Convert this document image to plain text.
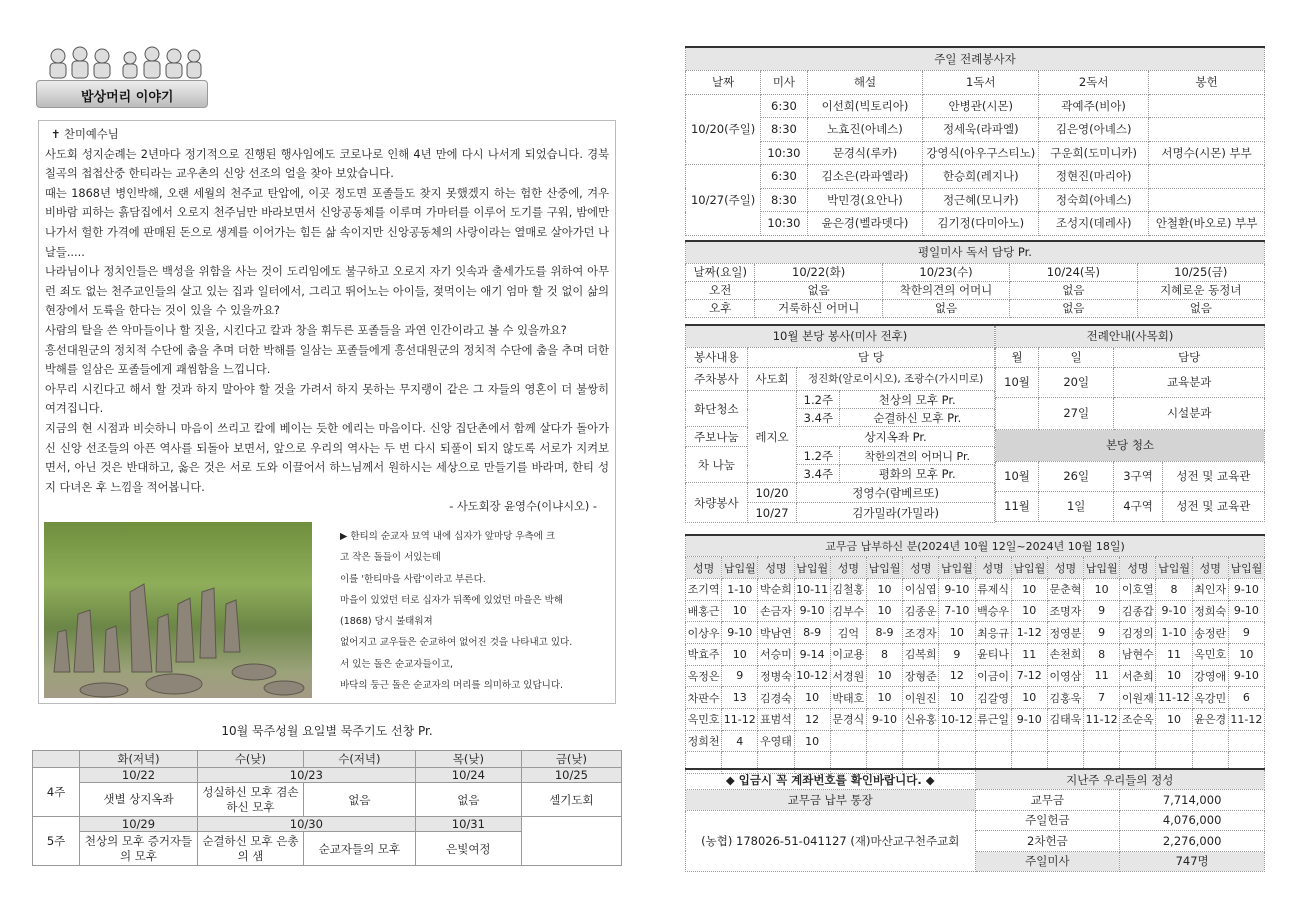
밥상머리 이야기

✝ 찬미예수님

사도회 성지순례는 2년마다 정기적으로 진행된 행사임에도 코로나로 인해 4년 만에 다시 나서게 되었습니다. 경북 칠곡의 첩첩산중 한티라는 교우촌의 신앙 선조의 얼을 찾아 보았습니다.

때는 1868년 병인박해, 오랜 세월의 천주교 탄압에, 이곳 정도면 포졸들도 찾지 못했겠지 하는 험한 산중에, 겨우 비바람 피하는 흙담집에서 오로지 천주님만 바라보면서 신앙공동체를 이루며 가마터를 이루어 도기를 구워, 밤에만 나가서 헐한 가격에 판매된 돈으로 생계를 이어가는 힘든 삶 속이지만 신앙공동체의 사랑이라는 열매로 살아가던 나날들.....

나라님이나 정치인들은 백성을 위함을 사는 것이 도리임에도 불구하고 오로지 자기 잇속과 출세가도를 위하여 아무런 죄도 없는 천주교인들의 살고 있는 집과 일터에서, 그리고 뛰어노는 아이들, 젖먹이는 애기 엄마 할 것 없이 삶의 현장에서 도륙을 한다는 것이 있을 수 있을까요?

사람의 탈을 쓴 악마들이나 할 짓을, 시킨다고 칼과 창을 휘두른 포졸들을 과연 인간이라고 볼 수 있을까요?

흥선대원군의 정치적 수단에 춤을 추며 더한 박해를 일삼는 포졸들에게 흥선대원군의 정치적 수단에 춤을 추며 더한 박해를 일삼은 포졸들에게 괘씸함을 느낍니다.

아무리 시킨다고 해서 할 것과 하지 말아야 할 것을 가려서 하지 못하는 무지랭이 같은 그 자들의 영혼이 더 불쌍히 여겨집니다.

지금의 현 시점과 비슷하니 마음이 쓰리고 칼에 베이는 듯한 에리는 마음이다. 신앙 집단촌에서 함께 살다가 돌아가신 신앙 선조들의 아픈 역사를 되돌아 보면서, 앞으로 우리의 역사는 두 번 다시 되풀이 되지 않도록 서로가 지켜보면서, 아닌 것은 반대하고, 옳은 것은 서로 도와 이끌어서 하느님께서 원하시는 세상으로 만들기를 바라며, 한티 성지 다녀온 후 느낌을 적어봅니다.

- 사도회장 윤영수(이냐시오) -

▶ 한티의 순교자 묘역 내에 십자가 앞마당 우측에 크
고 작은 돌들이 서있는데
이를 '한티마을 사람'이라고 부른다.
마을이 있었던 터로 십자가 뒤쪽에 있었던 마을은 박해
(1868) 당시 불태워져
없어지고 교우들은 순교하여 없어진 것을 나타내고 있다.
서 있는 돌은 순교자들이고,
바닥의 둥근 돌은 순교자의 머리를 의미하고 있답니다.
10월 묵주성월 요일별 묵주기도 선창 Pr.
	화(저녁)	수(낮)	수(저녁)	목(낮)	금(낮)
4주	10/22	10/23		10/24	10/25
	샛별 상지옥좌	성실하신 모후 겸손하신 모후	없음	없음	셀기도회
5주	10/29	10/30		10/31	
	천상의 모후 증거자들의 모후	순결하신 모후 은총의 샘	순교자들의 모후	은빛여정	
주일 전례봉사자					
날짜	미사	해설	1독서	2독서	봉헌
10/20(주일)	6:30	이선희(빅토리아)	안병관(시몬)	곽예주(비아)	
	8:30	노효진(아녜스)	정세욱(라파엘)	김은영(아녜스)	
	10:30	문경식(루카)	강영식(아우구스티노)	구운희(도미니카)	서명수(시몬) 부부
10/27(주일)	6:30	김소은(라파엘라)	한승희(레지나)	정현진(마리아)	
	8:30	박민경(요안나)	정근혜(모니카)	정숙희(아녜스)	
	10:30	윤은경(벨라뎃다)	김기정(다미아노)	조성지(데레사)	안철환(바오로) 부부
평일미사 독서 담당 Pr.				
날짜(요일)	10/22(화)	10/23(수)	10/24(목)	10/25(금)
오전	없음	착한의견의 어머니	없음	지혜로운 동정녀
오후	거룩하신 어머니	없음	없음	없음
10월 본당 봉사(미사 전후)			
봉사내용	담 당		
주차봉사	사도회	정진화(알로이시오), 조광수(가시미로)	
화단청소	레지오	1.2주	천상의 모후 Pr.
		3.4주	순결하신 모후 Pr.
주보나눔		상지옥좌 Pr.	
차 나눔		1.2주	착한의견의 어머니 Pr.
		3.4주	평화의 모후 Pr.
차량봉사	10/20	정영수(람베르또)	
	10/27	김가밀라(가밀라)	
전례안내(사목회)			
월	일	담당	
10월	20일	교육분과	
	27일	시설분과	
본당 청소			
10월	26일	3구역	성전 및 교육관
11월	1일	4구역	성전 및 교육관
교무금 납부하신 분(2024년 10월 12일~2024년 10월 18일)															
성명	납입월	성명	납입월	성명	납입월	성명	납입월	성명	납입월	성명	납입월	성명	납입월	성명	납입월
조기역	1-10	박순희	10-11	김철홍	10	이심엽	9-10	류제식	10	문춘혁	10	이호열	8	최인자	9-10
배홍근	10	손금자	9-10	김부수	10	김종운	7-10	백승우	10	조명자	9	김종갑	9-10	정희숙	9-10
이상우	9-10	박남연	8-9	김억	8-9	조경자	10	최응규	1-12	정영분	9	김정의	1-10	송정란	9
박효주	10	서승미	9-14	이교용	8	김복희	9	윤티나	11	손천희	8	남현수	11	옥민호	10
옥정은	9	정병숙	10-12	서경원	10	장형준	12	이금이	7-12	이영삼	11	서춘희	10	강영애	9-10
차판수	13	김경숙	10	박태호	10	이원진	10	김갈영	10	김홍욱	7	이원재	11-12	옥강민	6
옥민호	11-12	표범석	12	문경식	9-10	신유홍	10-12	류근일	9-10	김태욱	11-12	조순옥	10	윤은경	11-12
정희천	4	우영태	10												

◆ 입금시 꼭 계좌번호를 확인바랍니다. ◆	지난주 우리들의 정성	
교무금 납부 통장	교무금	7,714,000
(농협) 178026-51-041127 (재)마산교구천주교회	주일헌금	4,076,000
	2차헌금	2,276,000
	주일미사	747명
